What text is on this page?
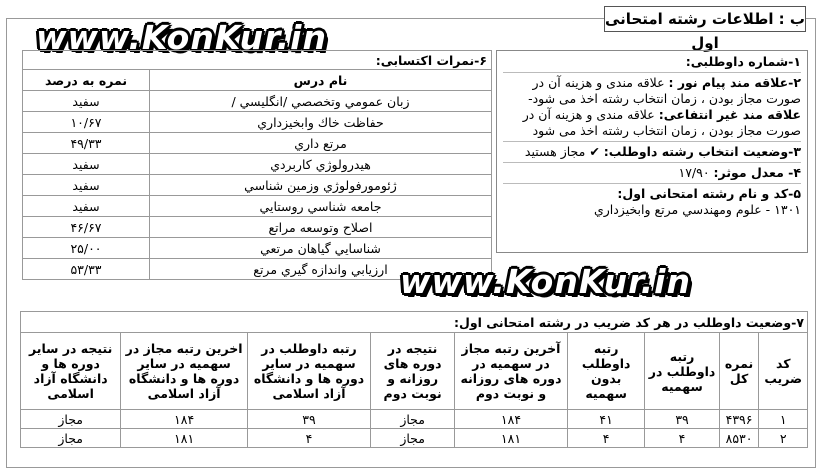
ب : اطلاعات رشته امتحانی اول
www.KonKur.in

۱-شماره داوطلبی:

۲-علاقه مند پیام نور : علاقه مندی و هزینه آن در صورت مجاز بودن ، زمان انتخاب رشته اخذ می شود- علاقه مند غیر انتفاعی: علاقه مندی و هزینه آن در صورت مجاز بودن ، زمان انتخاب رشته اخذ می شود

۳-وضعیت انتخاب رشته داوطلب: ✔ مجاز هستید

۴- معدل موثر: ۱۷/۹۰

۵-کد و نام رشته امتحانی اول:
۱۳۰۱ - علوم ومهندسي مرتع وابخيزداري

۶-نمرات اکتسابی:	
نام درس	نمره به درصد
زبان عمومي وتخصصي /انگليسي /	سفيد
حفاظت خاك وابخيزداري	۱۰/۶۷
مرتع داري	۴۹/۳۳
هيدرولوژي كاربردي	سفيد
ژئومورفولوژي وزمين شناسي	سفيد
جامعه شناسي روستايي	سفيد
اصلاح وتوسعه مراتع	۴۶/۶۷
شناسايي گياهان مرتعي	۲۵/۰۰
ارزيابي واندازه گيري مرتع	۵۳/۳۳	www.KonKur.in
۷-وضعیت داوطلب در هر کد ضریب در رشته امتحانی اول:								
کد ضریب	نمره کل	رتبه داوطلب در سهمیه	رتبه داوطلب بدون سهمیه	آخرین رتبه مجاز در سهمیه در دوره های روزانه و نوبت دوم	نتیجه در دوره های روزانه و نوبت دوم	رتبه داوطلب در سهمیه در سایر دوره ها و دانشگاه آزاد اسلامی	اخرین رتبه مجاز در سهمیه در سایر دوره ها و دانشگاه آزاد اسلامی	نتیجه در سایر دوره ها و دانشگاه آزاد اسلامی
۱	۴۳۹۶	۳۹	۴۱	۱۸۴	مجاز	۳۹	۱۸۴	مجاز
۲	۸۵۳۰	۴	۴	۱۸۱	مجاز	۴	۱۸۱	مجاز
